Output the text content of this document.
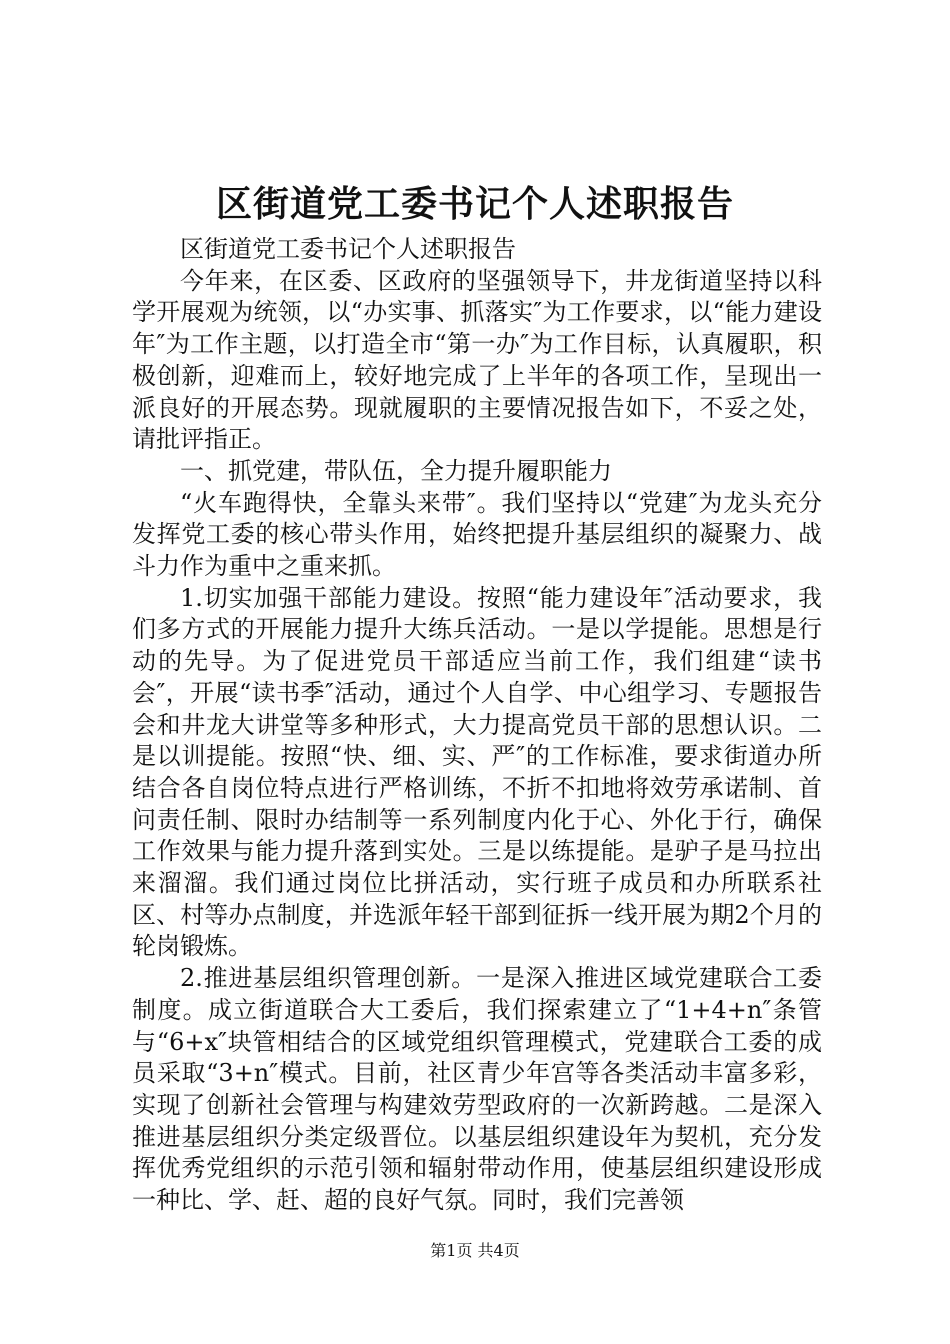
区街道党工委书记个人述职报告

区街道党工委书记个人述职报告

今年来，在区委、区政府的坚强领导下，井龙街道坚持以科学开展观为统领，以“办实事、抓落实″为工作要求，以“能力建设年″为工作主题，以打造全市“第一办″为工作目标，认真履职，积极创新，迎难而上，较好地完成了上半年的各项工作，呈现出一派良好的开展态势。现就履职的主要情况报告如下，不妥之处，请批评指正。

一、抓党建，带队伍，全力提升履职能力

“火车跑得快，全靠头来带″。我们坚持以“党建″为龙头充分发挥党工委的核心带头作用，始终把提升基层组织的凝聚力、战斗力作为重中之重来抓。

1.切实加强干部能力建设。按照“能力建设年″活动要求，我们多方式的开展能力提升大练兵活动。一是以学提能。思想是行动的先导。为了促进党员干部适应当前工作，我们组建“读书会″，开展“读书季″活动，通过个人自学、中心组学习、专题报告会和井龙大讲堂等多种形式，大力提高党员干部的思想认识。二是以训提能。按照“快、细、实、严″的工作标准，要求街道办所结合各自岗位特点进行严格训练，不折不扣地将效劳承诺制、首问责任制、限时办结制等一系列制度内化于心、外化于行，确保工作效果与能力提升落到实处。三是以练提能。是驴子是马拉出来溜溜。我们通过岗位比拼活动，实行班子成员和办所联系社区、村等办点制度，并选派年轻干部到征拆一线开展为期2个月的轮岗锻炼。

2.推进基层组织管理创新。一是深入推进区域党建联合工委制度。成立街道联合大工委后，我们探索建立了“1+4+n″条管与“6+x″块管相结合的区域党组织管理模式，党建联合工委的成员采取“3+n″模式。目前，社区青少年宫等各类活动丰富多彩，实现了创新社会管理与构建效劳型政府的一次新跨越。二是深入推进基层组织分类定级晋位。以基层组织建设年为契机，充分发挥优秀党组织的示范引领和辐射带动作用，使基层组织建设形成一种比、学、赶、超的良好气氛。同时，我们完善领

第1页 共4页
